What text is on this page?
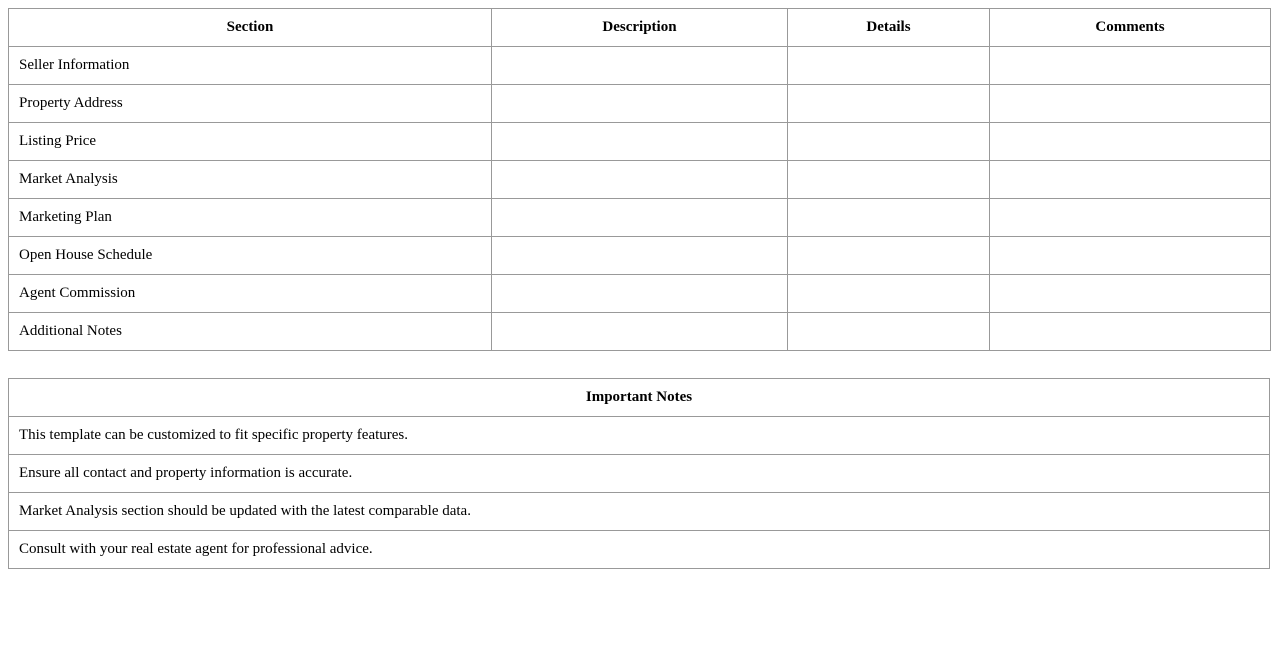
Section	Description	Details	Comments
Seller Information			
Property Address			
Listing Price			
Market Analysis			
Marketing Plan			
Open House Schedule			
Agent Commission			
Additional Notes			
Important Notes
This template can be customized to fit specific property features.
Ensure all contact and property information is accurate.
Market Analysis section should be updated with the latest comparable data.
Consult with your real estate agent for professional advice.
